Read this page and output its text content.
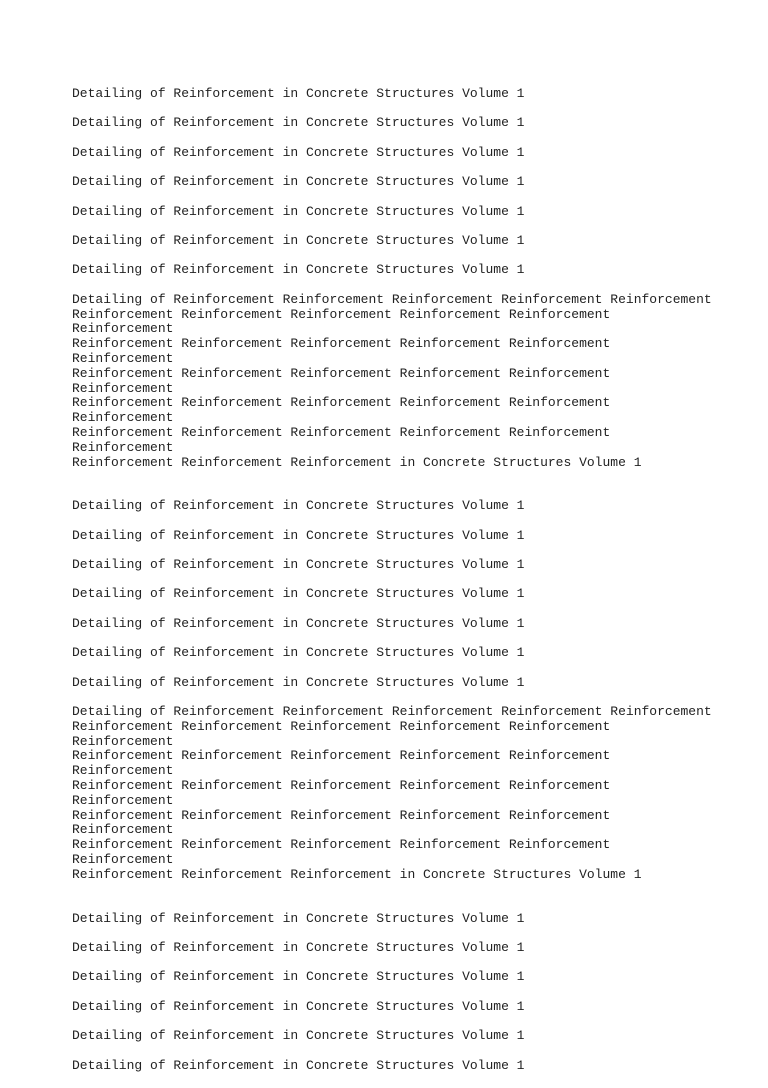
Detailing of Reinforcement in Concrete Structures Volume 1
Detailing of Reinforcement in Concrete Structures Volume 1
Detailing of Reinforcement in Concrete Structures Volume 1
Detailing of Reinforcement in Concrete Structures Volume 1
Detailing of Reinforcement in Concrete Structures Volume 1
Detailing of Reinforcement in Concrete Structures Volume 1
Detailing of Reinforcement in Concrete Structures Volume 1
Detailing of Reinforcement Reinforcement Reinforcement Reinforcement Reinforcement
Reinforcement Reinforcement Reinforcement Reinforcement Reinforcement Reinforcement
Reinforcement Reinforcement Reinforcement Reinforcement Reinforcement Reinforcement
Reinforcement Reinforcement Reinforcement Reinforcement Reinforcement Reinforcement
Reinforcement Reinforcement Reinforcement Reinforcement Reinforcement Reinforcement
Reinforcement Reinforcement Reinforcement Reinforcement Reinforcement Reinforcement
Reinforcement Reinforcement Reinforcement in Concrete Structures Volume 1
Detailing of Reinforcement in Concrete Structures Volume 1
Detailing of Reinforcement in Concrete Structures Volume 1
Detailing of Reinforcement in Concrete Structures Volume 1
Detailing of Reinforcement in Concrete Structures Volume 1
Detailing of Reinforcement in Concrete Structures Volume 1
Detailing of Reinforcement in Concrete Structures Volume 1
Detailing of Reinforcement in Concrete Structures Volume 1
Detailing of Reinforcement Reinforcement Reinforcement Reinforcement Reinforcement
Reinforcement Reinforcement Reinforcement Reinforcement Reinforcement Reinforcement
Reinforcement Reinforcement Reinforcement Reinforcement Reinforcement Reinforcement
Reinforcement Reinforcement Reinforcement Reinforcement Reinforcement Reinforcement
Reinforcement Reinforcement Reinforcement Reinforcement Reinforcement Reinforcement
Reinforcement Reinforcement Reinforcement Reinforcement Reinforcement Reinforcement
Reinforcement Reinforcement Reinforcement in Concrete Structures Volume 1
Detailing of Reinforcement in Concrete Structures Volume 1
Detailing of Reinforcement in Concrete Structures Volume 1
Detailing of Reinforcement in Concrete Structures Volume 1
Detailing of Reinforcement in Concrete Structures Volume 1
Detailing of Reinforcement in Concrete Structures Volume 1
Detailing of Reinforcement in Concrete Structures Volume 1
